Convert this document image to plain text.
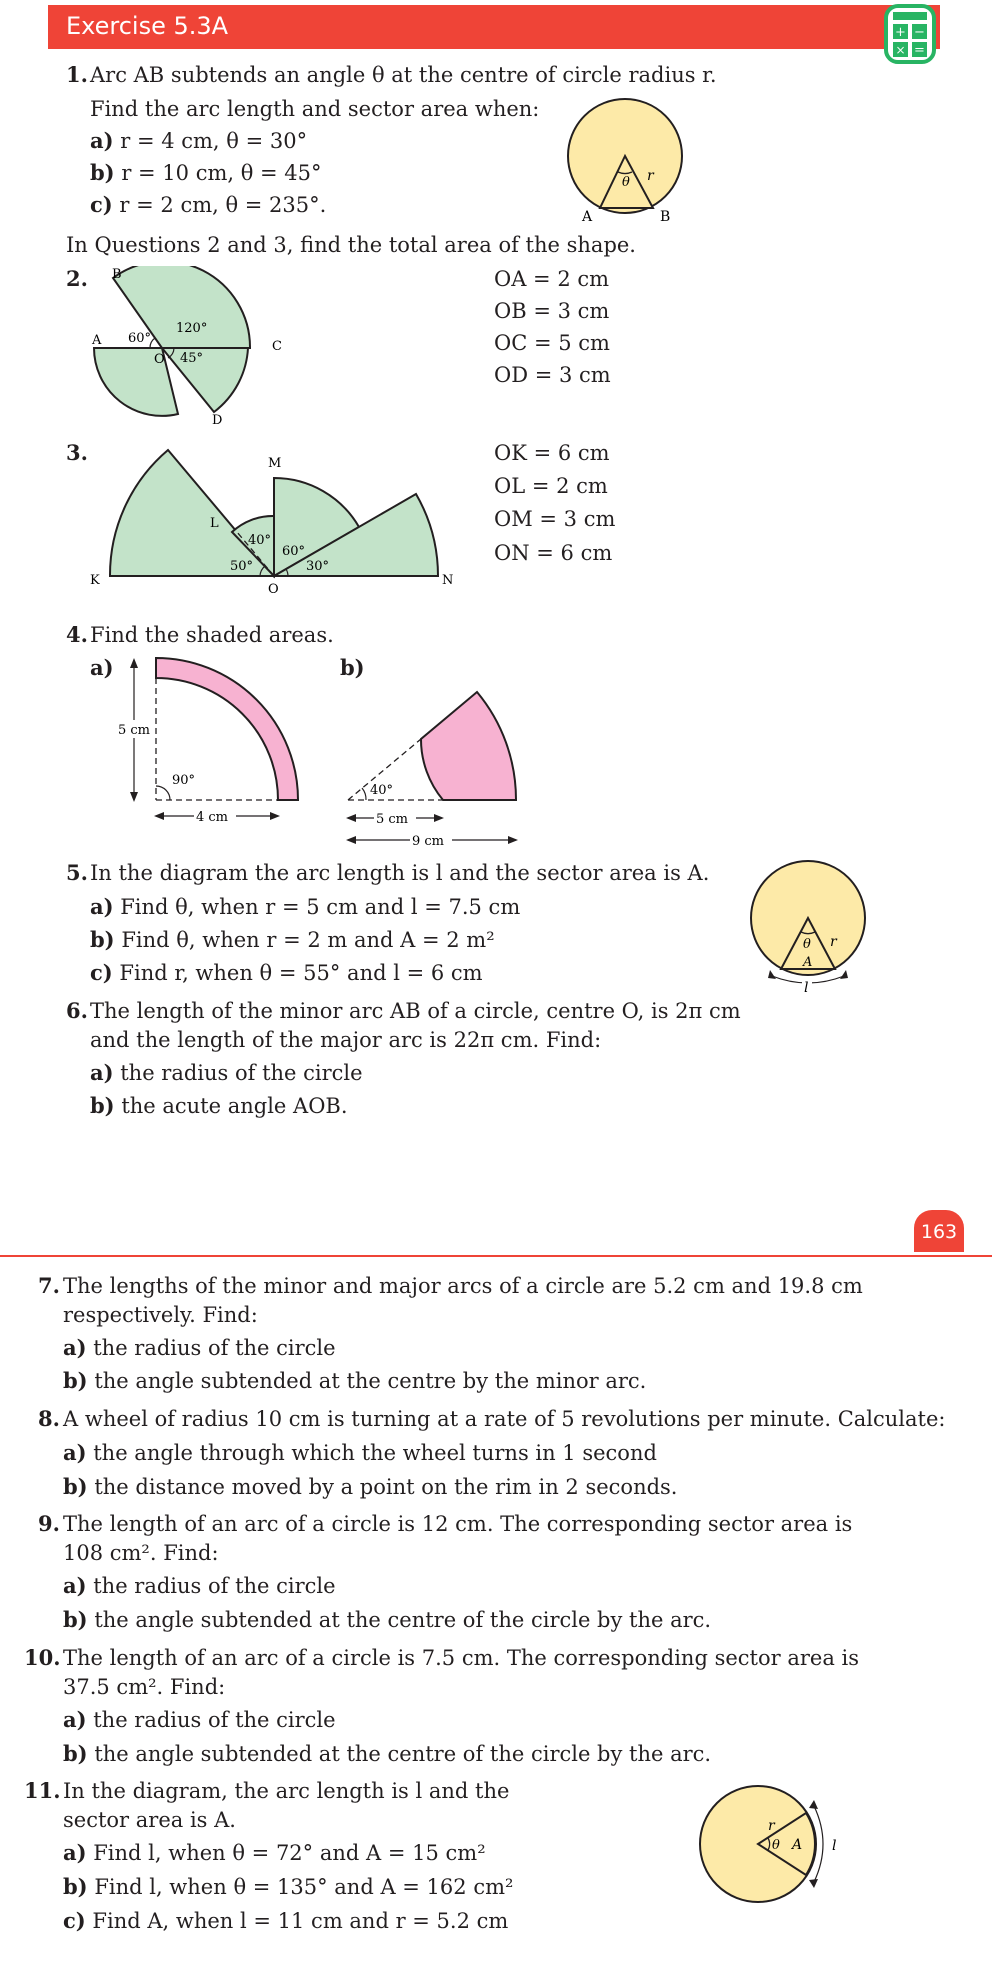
Exercise 5.3A	+ −
× =
1. Arc AB subtends an angle θ at the centre of circle radius r.
Find the arc length and sector area when:
a) r = 4 cm, θ = 30°
b) r = 10 cm, θ = 45°
c) r = 2 cm, θ = 235°.
θ r
A	B
In Questions 2 and 3, find the total area of the shape.
2. B
A	C
D
O
60°
120°
45°
OA = 2 cm
OB = 3 cm
OC = 5 cm
OD = 3 cm
3.	M
L
K	N
O
40°
60°
50°	30°
OK = 6 cm
OL = 2 cm
OM = 3 cm
ON = 6 cm
4. Find the shaded areas.
a)	b)
90°
5 cm
4 cm
40°
5 cm
9 cm
5. In the diagram the arc length is l and the sector area is A.
a) Find θ, when r = 5 cm and l = 7.5 cm
b) Find θ, when r = 2 m and A = 2 m²
c) Find r, when θ = 55° and l = 6 cm
θ r
A
l
6. The length of the minor arc AB of a circle, centre O, is 2π cm
and the length of the major arc is 22π cm. Find:
a) the radius of the circle
b) the acute angle AOB.
163
7. The lengths of the minor and major arcs of a circle are 5.2 cm and 19.8 cm
respectively. Find:
a) the radius of the circle
b) the angle subtended at the centre by the minor arc.
8. A wheel of radius 10 cm is turning at a rate of 5 revolutions per minute. Calculate:
a) the angle through which the wheel turns in 1 second
b) the distance moved by a point on the rim in 2 seconds.
9. The length of an arc of a circle is 12 cm. The corresponding sector area is
108 cm². Find:
a) the radius of the circle
b) the angle subtended at the centre of the circle by the arc.
10. The length of an arc of a circle is 7.5 cm. The corresponding sector area is
37.5 cm². Find:
a) the radius of the circle
b) the angle subtended at the centre of the circle by the arc.
11. In the diagram, the arc length is l and the
sector area is A.
a) Find l, when θ = 72° and A = 15 cm²
b) Find l, when θ = 135° and A = 162 cm²
c) Find A, when l = 11 cm and r = 5.2 cm
θ
r
A l
